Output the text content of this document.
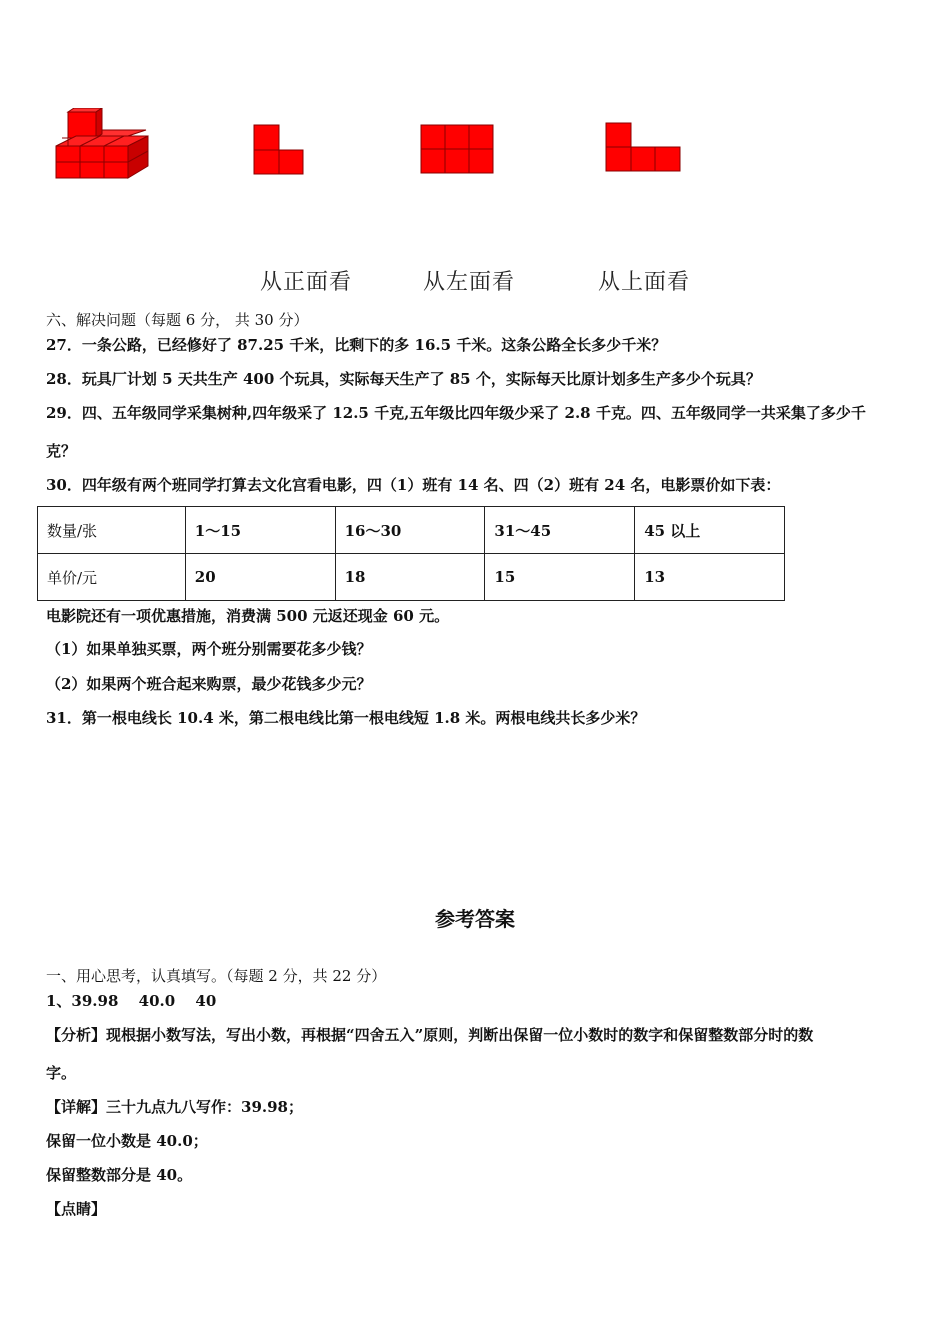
从正面看	从左面看	从上面看
六、解决问题（每题 6 分， 共 30 分）
27．一条公路，已经修好了 87.25 千米，比剩下的多 16.5 千米。这条公路全长多少千米？
28．玩具厂计划 5 天共生产 400 个玩具，实际每天生产了 85 个，实际每天比原计划多生产多少个玩具？
29．四、五年级同学采集树种,四年级采了 12.5 千克,五年级比四年级少采了 2.8 千克。四、五年级同学一共采集了多少千
克？
30．四年级有两个班同学打算去文化宫看电影，四（1）班有 14 名、四（2）班有 24 名，电影票价如下表：
数量/张	1～15	16～30	31～45	45 以上
单价/元	20	18	15	13
电影院还有一项优惠措施，消费满 500 元返还现金 60 元。
（1）如果单独买票，两个班分别需要花多少钱？
（2）如果两个班合起来购票，最少花钱多少元？
31．第一根电线长 10.4 米，第二根电线比第一根电线短 1.8 米。两根电线共长多少米？
参考答案
一、用心思考，认真填写。（每题 2 分，共 22 分）
1、39.98　 40.0　 40
【分析】现根据小数写法，写出小数，再根据“四舍五入”原则，判断出保留一位小数时的数字和保留整数部分时的数
字。
【详解】三十九点九八写作：39.98；
保留一位小数是 40.0；
保留整数部分是 40。
【点睛】
